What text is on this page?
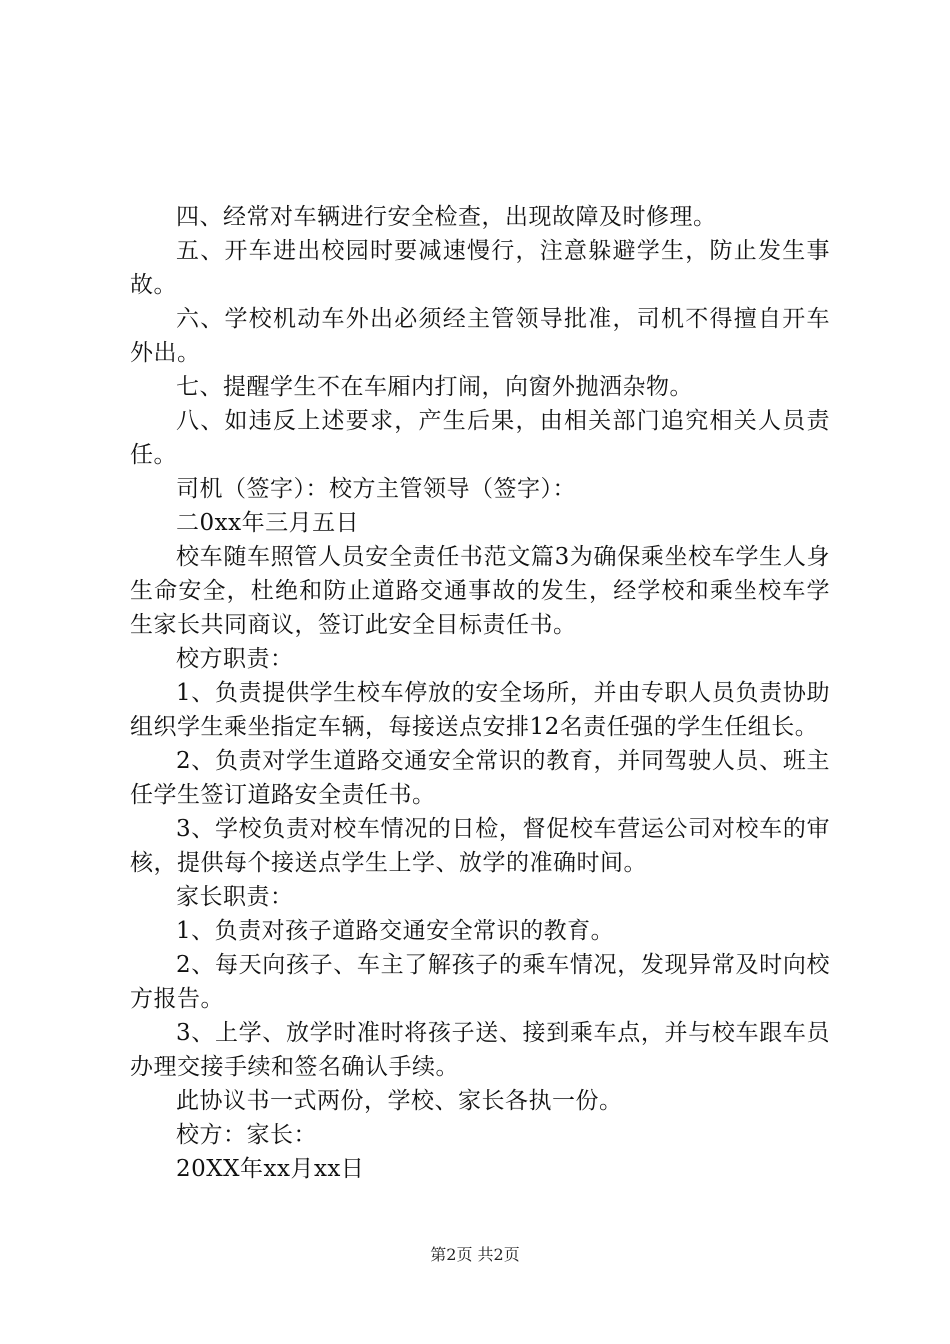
四、经常对车辆进行安全检查，出现故障及时修理。

五、开车进出校园时要减速慢行，注意躲避学生，防止发生事故。

六、学校机动车外出必须经主管领导批准，司机不得擅自开车外出。

七、提醒学生不在车厢内打闹，向窗外抛洒杂物。

八、如违反上述要求，产生后果，由相关部门追究相关人员责任。

司机（签字）：校方主管领导（签字）：

二0xx年三月五日

校车随车照管人员安全责任书范文篇3为确保乘坐校车学生人身生命安全，杜绝和防止道路交通事故的发生，经学校和乘坐校车学生家长共同商议，签订此安全目标责任书。

校方职责：

1、负责提供学生校车停放的安全场所，并由专职人员负责协助组织学生乘坐指定车辆，每接送点安排12名责任强的学生任组长。

2、负责对学生道路交通安全常识的教育，并同驾驶人员、班主任学生签订道路安全责任书。

3、学校负责对校车情况的日检，督促校车营运公司对校车的审核，提供每个接送点学生上学、放学的准确时间。

家长职责：

1、负责对孩子道路交通安全常识的教育。

2、每天向孩子、车主了解孩子的乘车情况，发现异常及时向校方报告。

3、上学、放学时准时将孩子送、接到乘车点，并与校车跟车员办理交接手续和签名确认手续。

此协议书一式两份，学校、家长各执一份。

校方：家长：

20XX年xx月xx日

第2页 共2页
